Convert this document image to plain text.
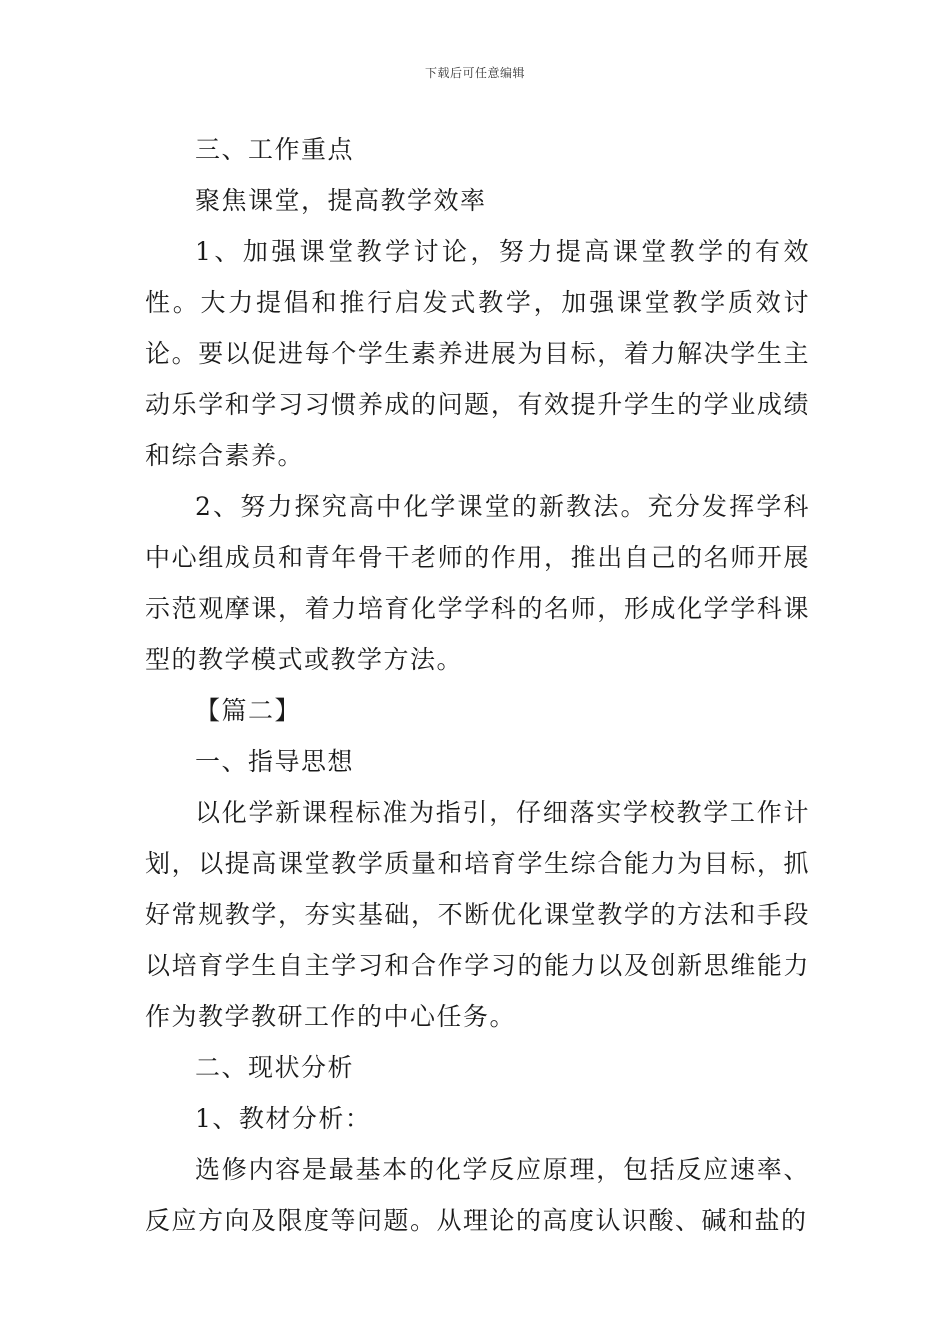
下载后可任意编辑

三、工作重点

聚焦课堂，提高教学效率

1、加强课堂教学讨论，努力提高课堂教学的有效性。大力提倡和推行启发式教学，加强课堂教学质效讨论。要以促进每个学生素养进展为目标，着力解决学生主动乐学和学习习惯养成的问题，有效提升学生的学业成绩和综合素养。

2、努力探究高中化学课堂的新教法。充分发挥学科中心组成员和青年骨干老师的作用，推出自己的名师开展示范观摩课，着力培育化学学科的名师，形成化学学科课型的教学模式或教学方法。

【篇二】

一、指导思想

以化学新课程标准为指引，仔细落实学校教学工作计划，以提高课堂教学质量和培育学生综合能力为目标，抓好常规教学，夯实基础，不断优化课堂教学的方法和手段以培育学生自主学习和合作学习的能力以及创新思维能力作为教学教研工作的中心任务。

二、现状分析

1、教材分析：

选修内容是最基本的化学反应原理，包括反应速率、反应方向及限度等问题。从理论的高度认识酸、碱和盐的
